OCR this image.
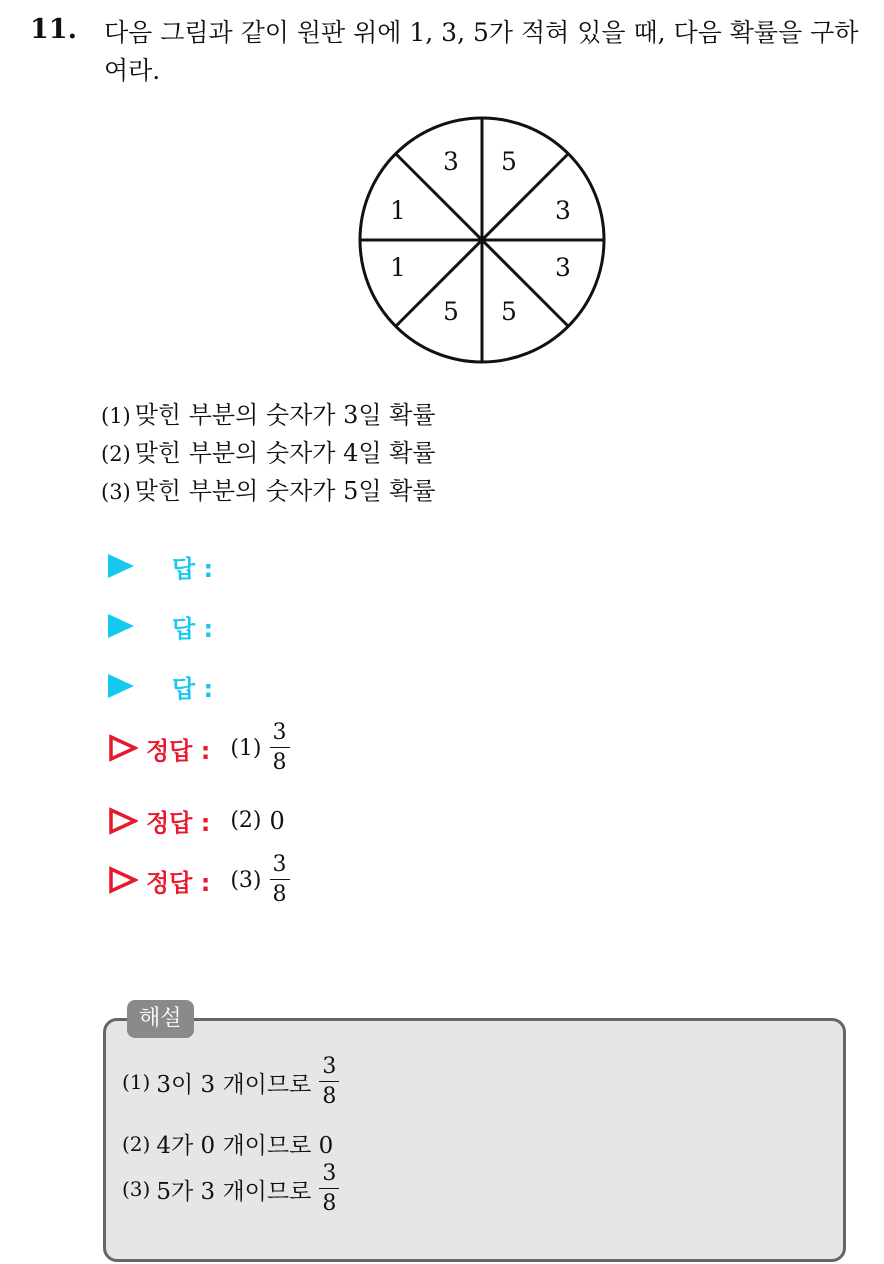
11. 다음 그림과 같이 원판 위에 1, 3, 5가 적혀 있을 때, 다음 확률을 구하여라.
3 5
3
3
5
5
1
1
(1) 맞힌 부분의 숫자가 3일 확률
(2) 맞힌 부분의 숫자가 4일 확률
(3) 맞힌 부분의 숫자가 5일 확률
답 :
답 :
답 :
정답 : $(1) \frac{3}{8}$
정답 : (2) 0
정답 : $(3) \frac{3}{8}$
해설
(1) 3이 3 개이므로 $\frac{3}{8}$
(2) 4가 0 개이므로 0
(3) 5가 3 개이므로 $\frac{3}{8}$
